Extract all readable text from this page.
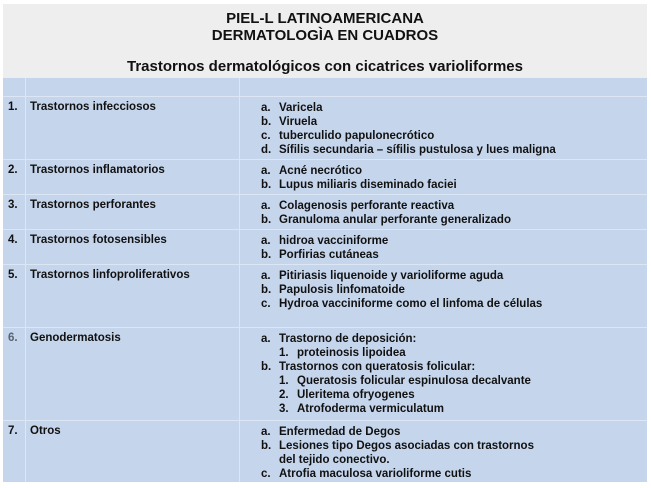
PIEL-L LATINOAMERICANA
DERMATOLOGÌA EN CUADROS
Trastornos dermatológicos con cicatrices varioliformes
1. Trastornos infecciosos	a. Varicela
b. Viruela
c. tuberculido papulonecrótico
d. Sífilis secundaria – sífilis pustulosa y lues maligna
2. Trastornos inflamatorios	a. Acné necrótico
b. Lupus miliaris diseminado faciei
3. Trastornos perforantes	a. Colagenosis perforante reactiva
b. Granuloma anular perforante generalizado
4. Trastornos fotosensibles	a. hidroa vacciniforme
b. Porfirias cutáneas
5. Trastornos linfoproliferativos	a. Pitiriasis liquenoide y varioliforme aguda
b. Papulosis linfomatoide
c. Hydroa vacciniforme como el linfoma de células
6. Genodermatosis	a. Trastorno de deposición:
1. proteinosis lipoidea
b. Trastornos con queratosis folicular:
1. Queratosis folicular espinulosa decalvante
2. Uleritema ofryogenes
3. Atrofoderma vermiculatum
7. Otros	a. Enfermedad de Degos
b. Lesiones tipo Degos asociadas con trastornos
del tejido conectivo.
c. Atrofia maculosa varioliforme cutis
